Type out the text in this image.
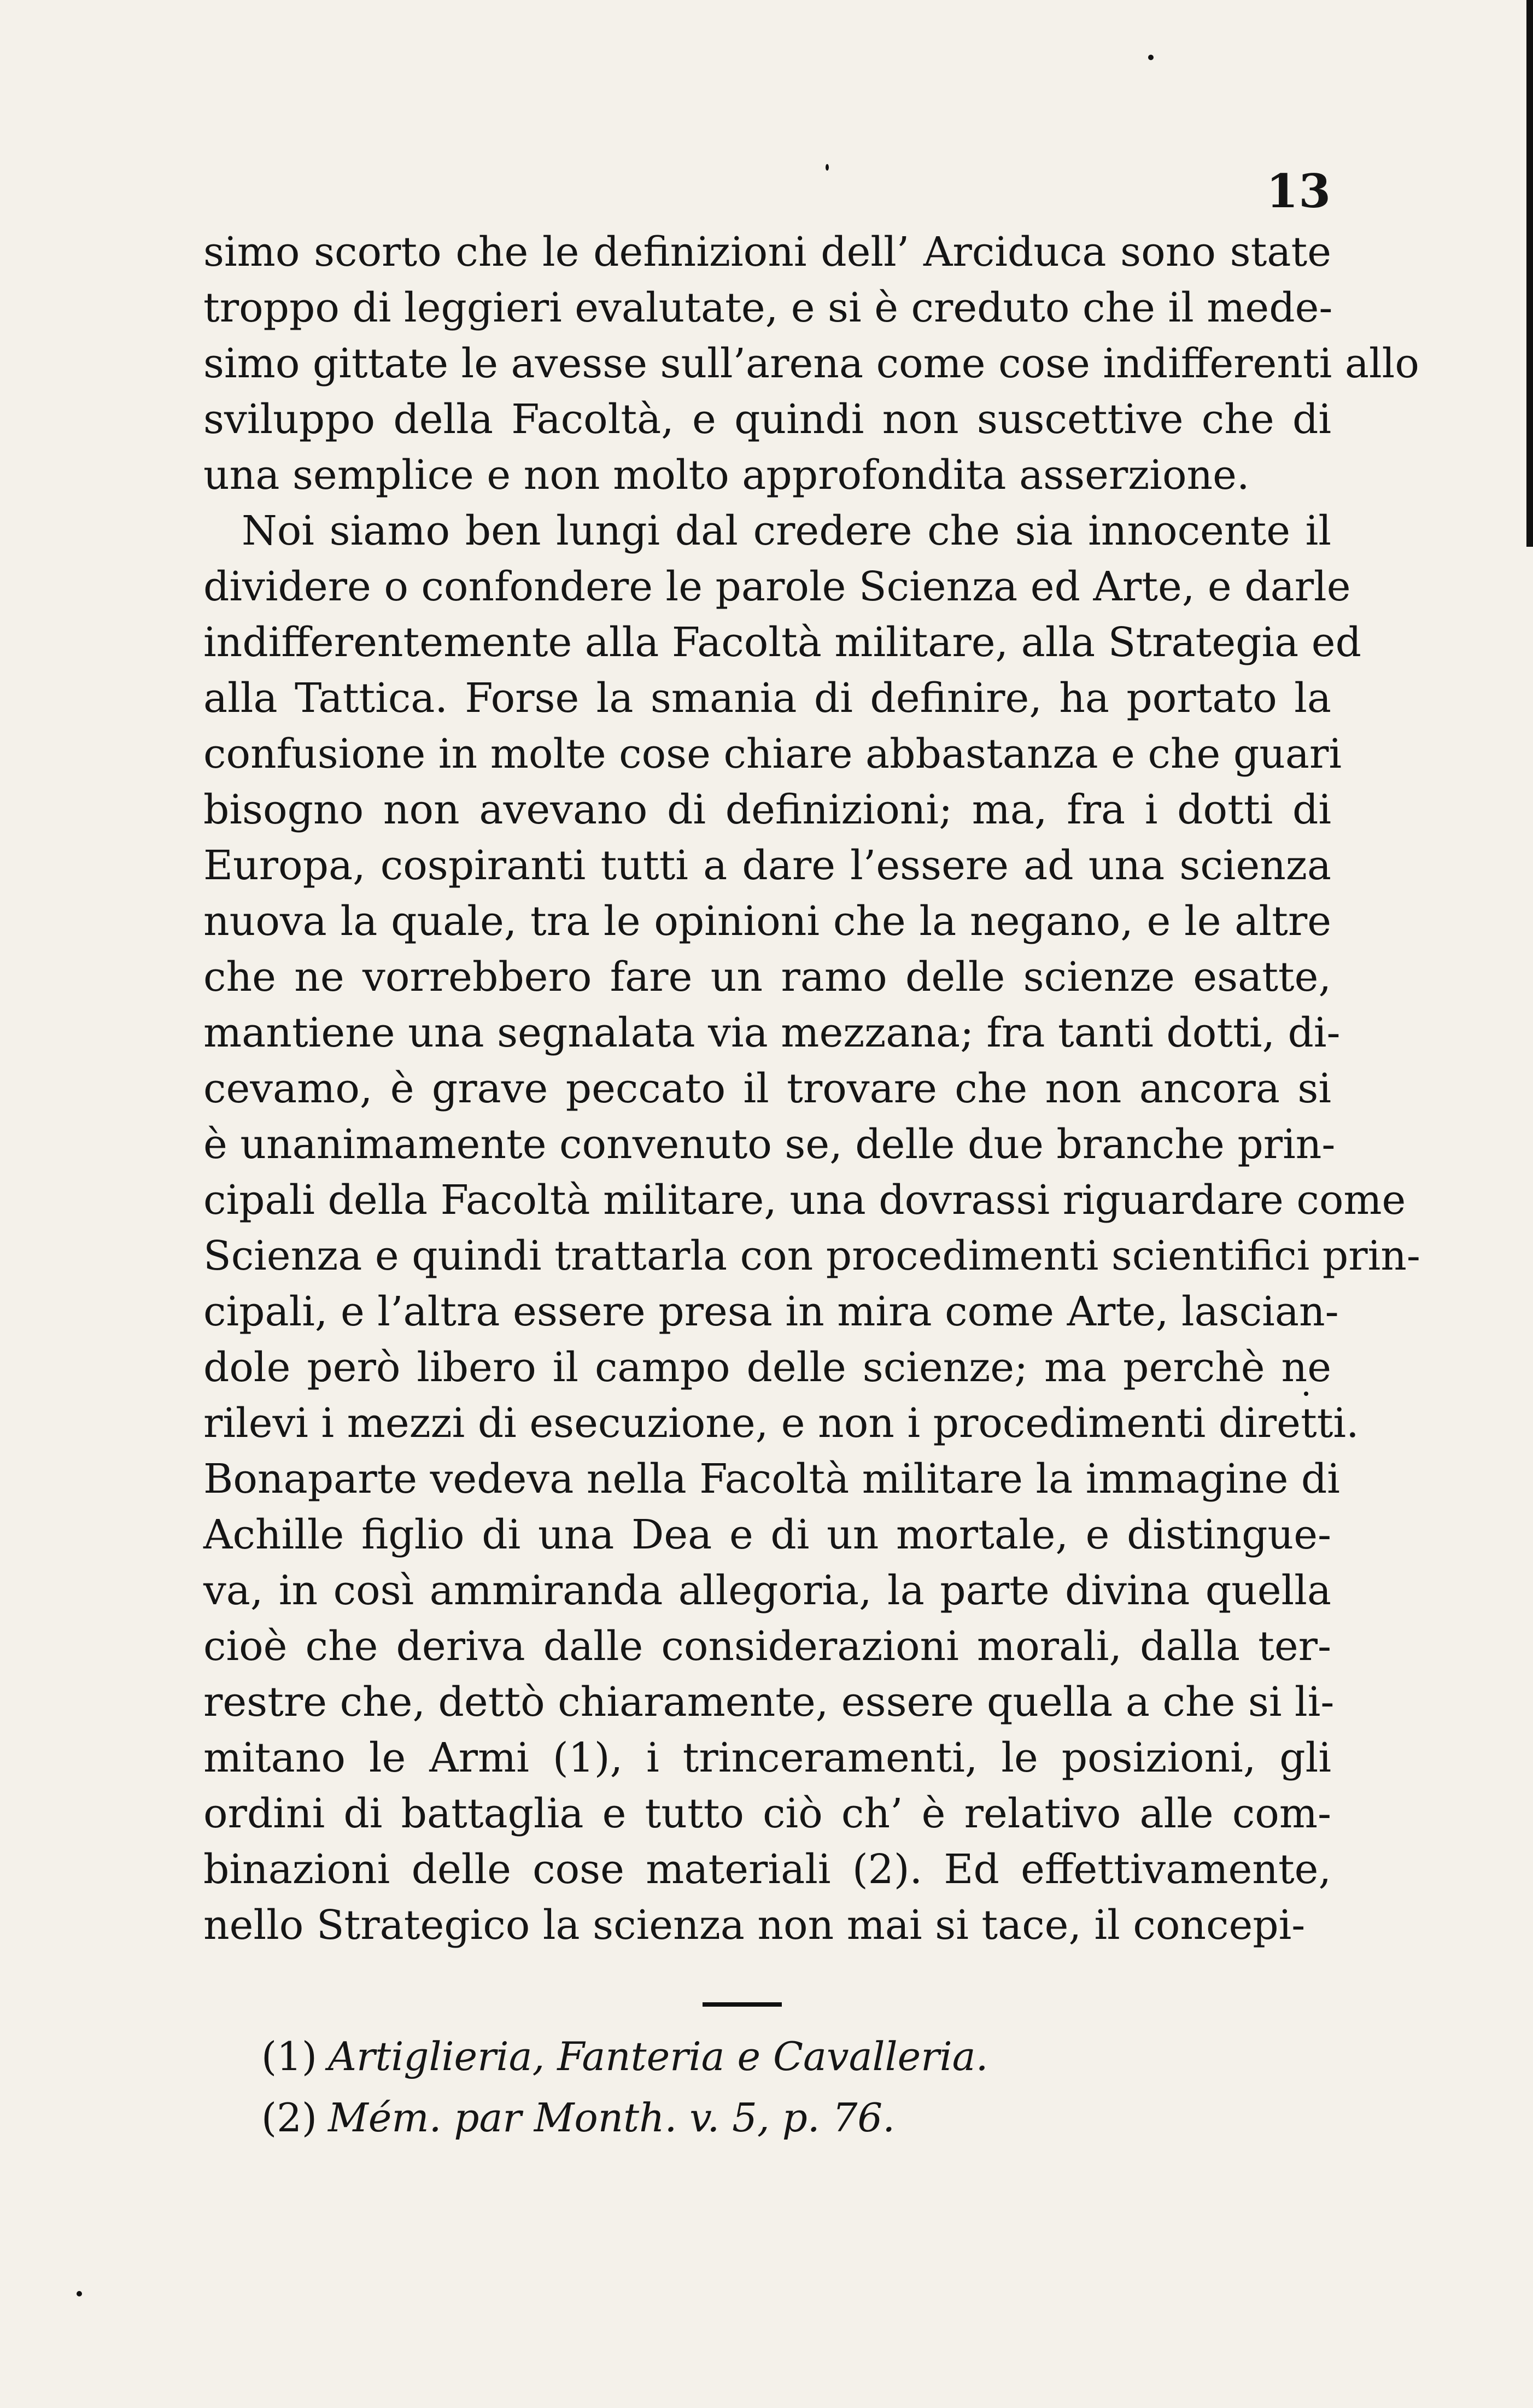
13
simo scorto che le definizioni dell’ Arciduca sono state
troppo di leggieri evalutate, e si è creduto che il mede-
simo gittate le avesse sull’arena come cose indifferenti allo
sviluppo della Facoltà, e quindi non suscettive che di
una semplice e non molto approfondita asserzione.
Noi siamo ben lungi dal credere che sia innocente il
dividere o confondere le parole Scienza ed Arte, e darle
indifferentemente alla Facoltà militare, alla Strategia ed
alla Tattica. Forse la smania di definire, ha portato la
confusione in molte cose chiare abbastanza e che guari
bisogno non avevano di definizioni; ma, fra i dotti di
Europa, cospiranti tutti a dare l’essere ad una scienza
nuova la quale, tra le opinioni che la negano, e le altre
che ne vorrebbero fare un ramo delle scienze esatte,
mantiene una segnalata via mezzana; fra tanti dotti, di-
cevamo, è grave peccato il trovare che non ancora si
è unanimamente convenuto se, delle due branche prin-
cipali della Facoltà militare, una dovrassi riguardare come
Scienza e quindi trattarla con procedimenti scientifici prin-
cipali, e l’altra essere presa in mira come Arte, lascian-
dole però libero il campo delle scienze; ma perchè ne
rilevi i mezzi di esecuzione, e non i procedimenti diretti.
Bonaparte vedeva nella Facoltà militare la immagine di
Achille figlio di una Dea e di un mortale, e distingue-
va, in così ammiranda allegoria, la parte divina quella
cioè che deriva dalle considerazioni morali, dalla ter-
restre che, dettò chiaramente, essere quella a che si li-
mitano le Armi (1), i trinceramenti, le posizioni, gli
ordini di battaglia e tutto ciò ch’ è relativo alle com-
binazioni delle cose materiali (2). Ed effettivamente,
nello Strategico la scienza non mai si tace, il concepi-
(1) Artiglieria, Fanteria e Cavalleria.
(2) Mém. par Month. v. 5, p. 76.
